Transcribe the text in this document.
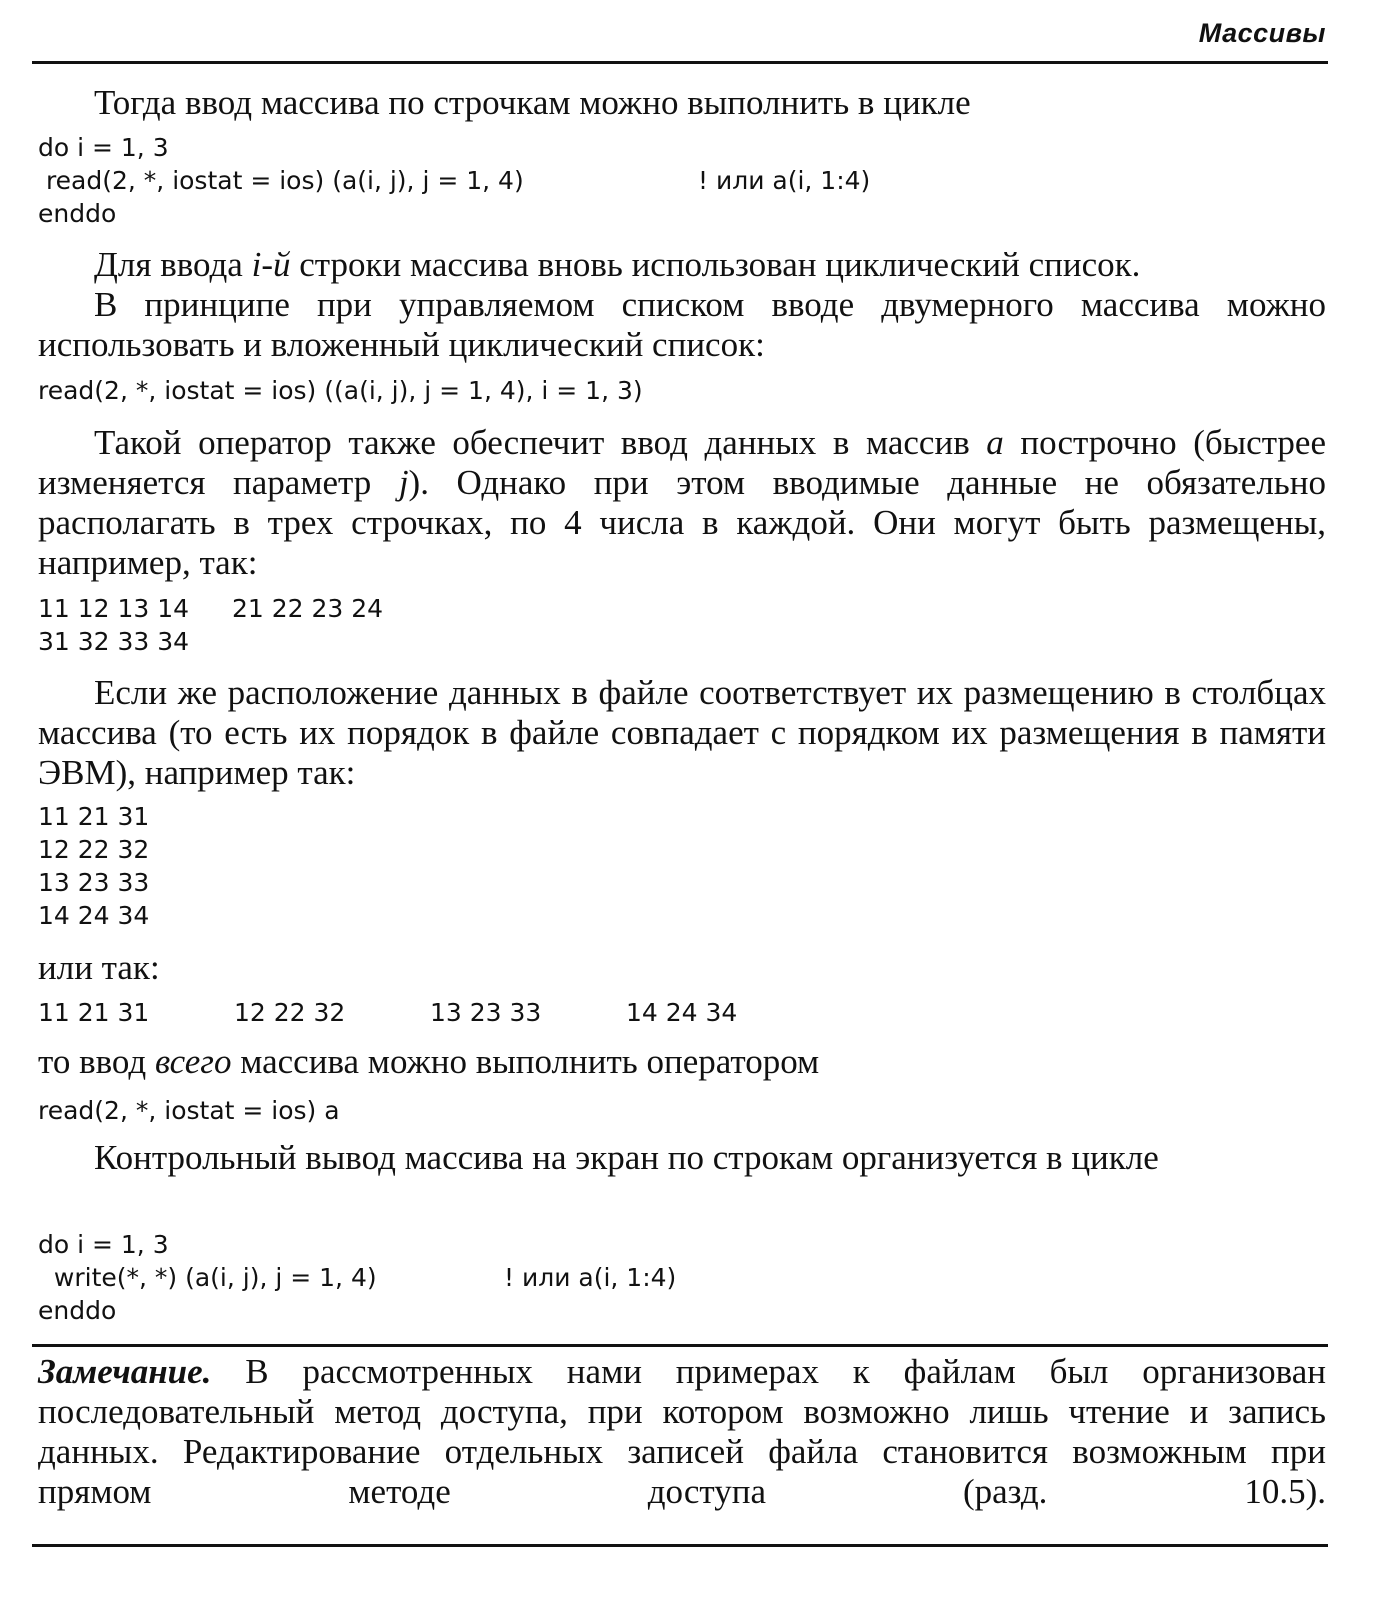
Массивы

Тогда ввод массива по строчкам можно выполнить в цикле

do i = 1, 3
read(2, *, iostat = ios) (a(i, j), j = 1, 4)	! или a(i, 1:4)
enddo

Для ввода i-й строки массива вновь использован циклический список.

В принципе при управляемом списком вводе двумерного массива можно использовать и вложенный циклический список:

read(2, *, iostat = ios) ((a(i, j), j = 1, 4), i = 1, 3)

Такой оператор также обеспечит ввод данных в массив a построчно (быстрее изменяется параметр j). Однако при этом вводимые данные не обязательно располагать в трех строчках, по 4 числа в каждой. Они могут быть размещены, например, так:

11 12 13 14 21 22 23 24
31 32 33 34

Если же расположение данных в файле соответствует их размещению в столбцах массива (то есть их порядок в файле совпадает с порядком их размещения в памяти ЭВМ), например так:

11 21 31
12 22 32
13 23 33
14 24 34

или так:

11 21 31	12 22 32	13 23 33	14 24 34

то ввод всего массива можно выполнить оператором

read(2, *, iostat = ios) a

Контрольный вывод массива на экран по строкам организуется в цикле

do i = 1, 3
write(*, *) (a(i, j), j = 1, 4)	! или a(i, 1:4)
enddo

Замечание. В рассмотренных нами примерах к файлам был организован последовательный метод доступа, при котором возможно лишь чтение и запись данных. Редактирование отдельных записей файла становится возможным при прямом методе доступа (разд. 10.5).
